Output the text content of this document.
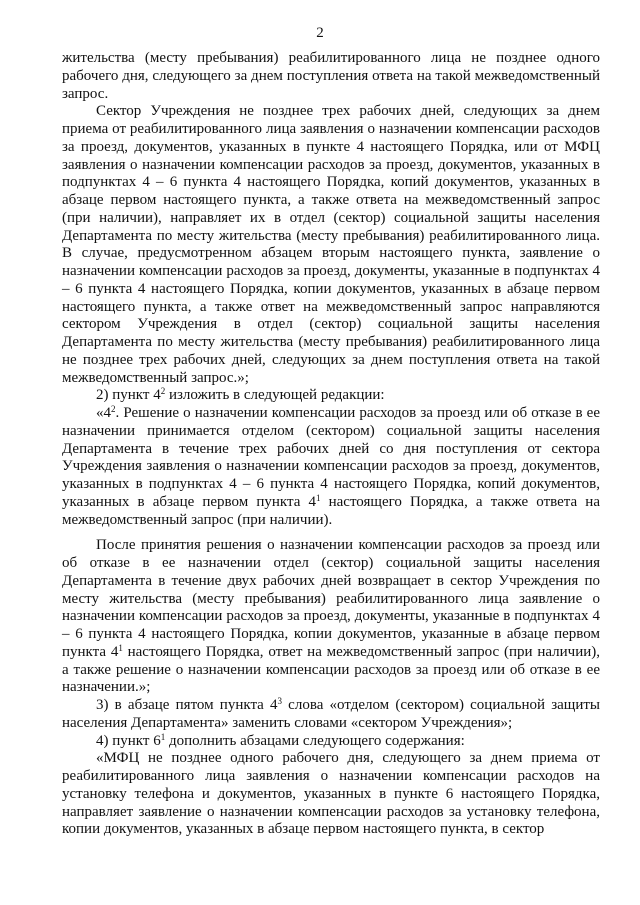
2

жительства (месту пребывания) реабилитированного лица не позднее одного рабочего дня, следующего за днем поступления ответа на такой межведомственный запрос.

Сектор Учреждения не позднее трех рабочих дней, следующих за днем приема от реабилитированного лица заявления о назначении компенсации расходов за проезд, документов, указанных в пункте 4 настоящего Порядка, или от МФЦ заявления о назначении компенсации расходов за проезд, документов, указанных в подпунктах 4 – 6 пункта 4 настоящего Порядка, копий документов, указанных в абзаце первом настоящего пункта, а также ответа на межведомственный запрос (при наличии), направляет их в отдел (сектор) социальной защиты населения Департамента по месту жительства (месту пребывания) реабилитированного лица. В случае, предусмотренном абзацем вторым настоящего пункта, заявление о назначении компенсации расходов за проезд, документы, указанные в подпунктах 4 – 6 пункта 4 настоящего Порядка, копии документов, указанных в абзаце первом настоящего пункта, а также ответ на межведомственный запрос направляются сектором Учреждения в отдел (сектор) социальной защиты населения Департамента по месту жительства (месту пребывания) реабилитированного лица не позднее трех рабочих дней, следующих за днем поступления ответа на такой межведомственный запрос.»;

2) пункт $4^2$ изложить в следующей редакции:

«$4^2$. Решение о назначении компенсации расходов за проезд или об отказе в ее назначении принимается отделом (сектором) социальной защиты населения Департамента в течение трех рабочих дней со дня поступления от сектора Учреждения заявления о назначении компенсации расходов за проезд, документов, указанных в подпунктах 4 – 6 пункта 4 настоящего Порядка, копий документов, указанных в абзаце первом пункта $4^1$ настоящего Порядка, а также ответа на межведомственный запрос (при наличии).

После принятия решения о назначении компенсации расходов за проезд или об отказе в ее назначении отдел (сектор) социальной защиты населения Департамента в течение двух рабочих дней возвращает в сектор Учреждения по месту жительства (месту пребывания) реабилитированного лица заявление о назначении компенсации расходов за проезд, документы, указанные в подпунктах 4 – 6 пункта 4 настоящего Порядка, копии документов, указанные в абзаце первом пункта $4^1$ настоящего Порядка, ответ на межведомственный запрос (при наличии), а также решение о назначении компенсации расходов за проезд или об отказе в ее назначении.»;

3) в абзаце пятом пункта $4^3$ слова «отделом (сектором) социальной защиты населения Департамента» заменить словами «сектором Учреждения»;

4) пункт $6^1$ дополнить абзацами следующего содержания:

«МФЦ не позднее одного рабочего дня, следующего за днем приема от реабилитированного лица заявления о назначении компенсации расходов на установку телефона и документов, указанных в пункте 6 настоящего Порядка, направляет заявление о назначении компенсации расходов за установку телефона, копии документов, указанных в абзаце первом настоящего пункта, в сектор
